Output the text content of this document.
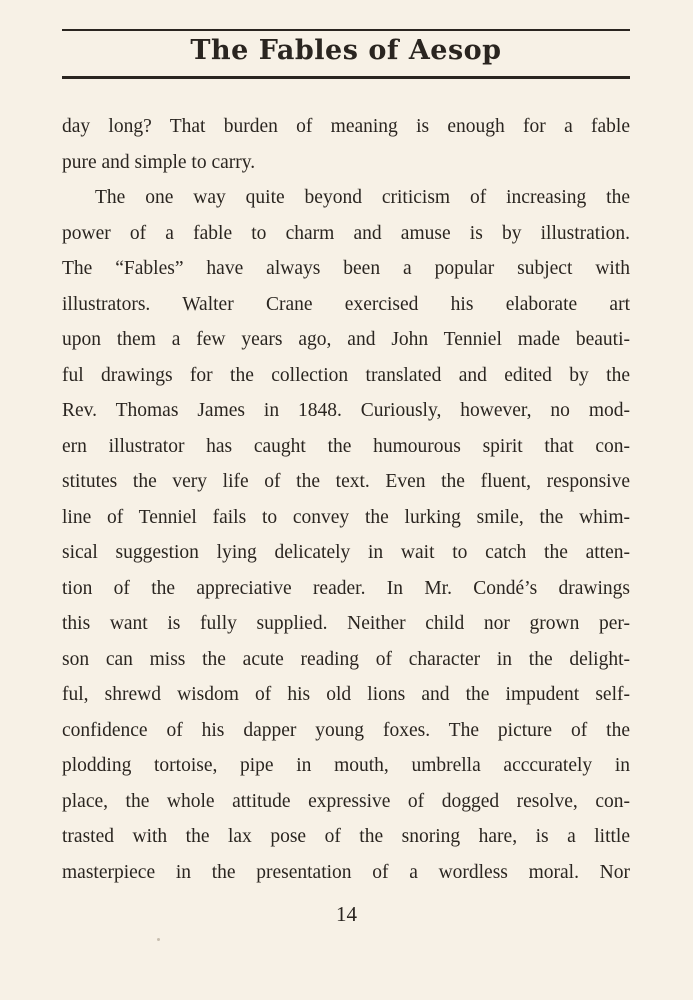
The Fables of Aesop
day long? That burden of meaning is enough for a fable
pure and simple to carry.
The one way quite beyond criticism of increasing the
power of a fable to charm and amuse is by illustration.
The “Fables” have always been a popular subject with
illustrators. Walter Crane exercised his elaborate art
upon them a few years ago, and John Tenniel made beauti-
ful drawings for the collection translated and edited by the
Rev. Thomas James in 1848. Curiously, however, no mod-
ern illustrator has caught the humourous spirit that con-
stitutes the very life of the text. Even the fluent, responsive
line of Tenniel fails to convey the lurking smile, the whim-
sical suggestion lying delicately in wait to catch the atten-
tion of the appreciative reader. In Mr. Condé’s drawings
this want is fully supplied. Neither child nor grown per-
son can miss the acute reading of character in the delight-
ful, shrewd wisdom of his old lions and the impudent self-
confidence of his dapper young foxes. The picture of the
plodding tortoise, pipe in mouth, umbrella acccurately in
place, the whole attitude expressive of dogged resolve, con-
trasted with the lax pose of the snoring hare, is a little
masterpiece in the presentation of a wordless moral. Nor
14
